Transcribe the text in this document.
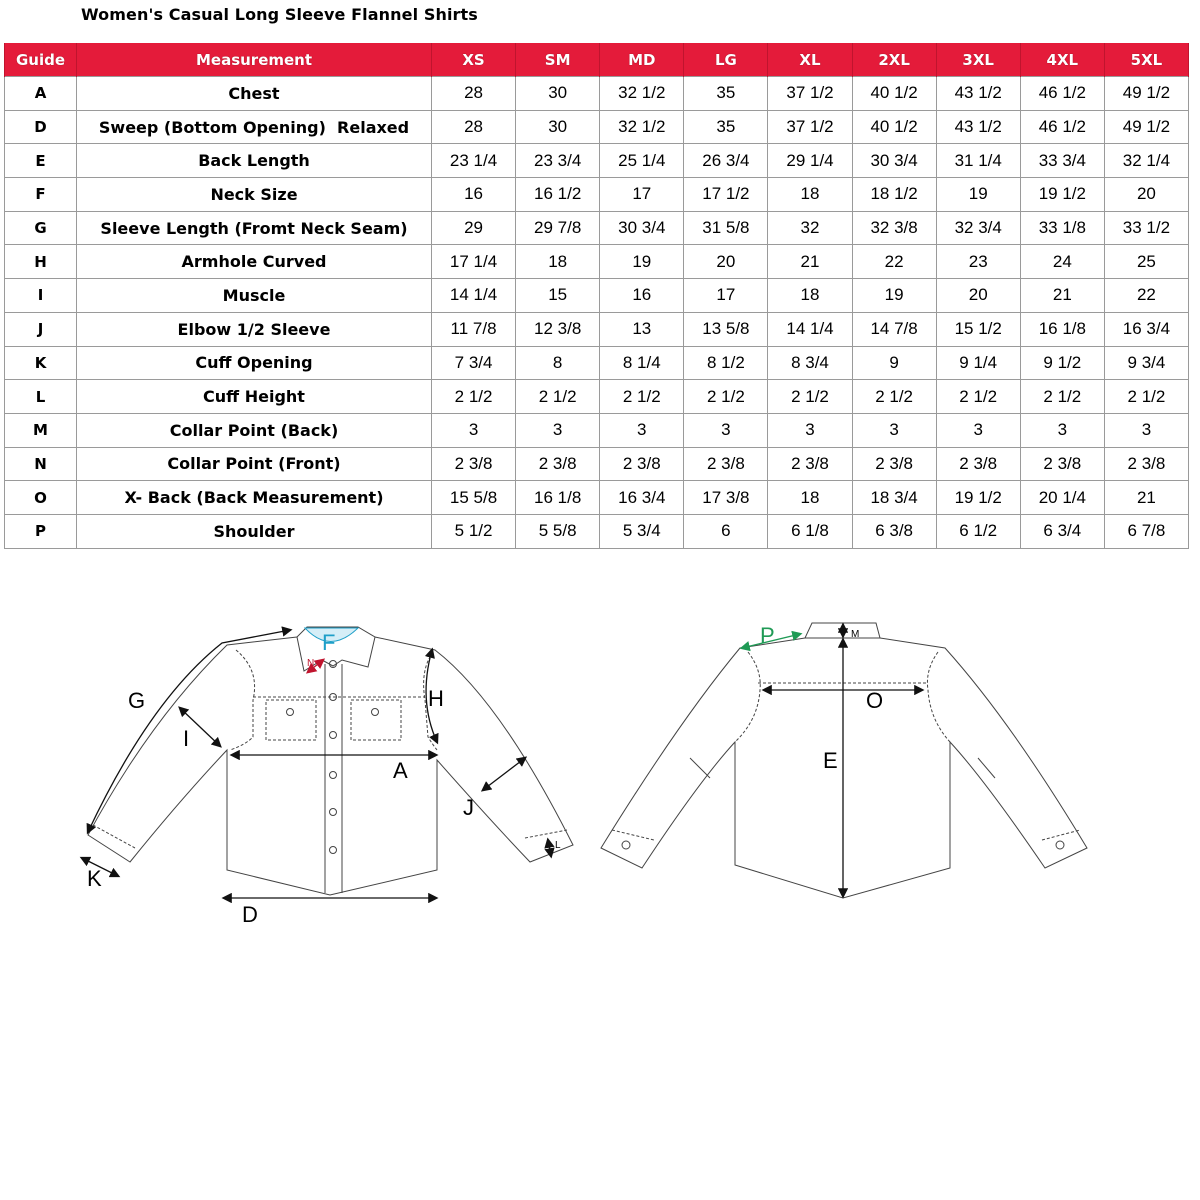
Women's Casual Long Sleeve Flannel Shirts
Guide	Measurement	XS	SM	MD	LG	XL	2XL	3XL	4XL	5XL
A	Chest	28	30	32 1/2	35	37 1/2	40 1/2	43 1/2	46 1/2	49 1/2
D	Sweep (Bottom Opening)  Relaxed	28	30	32 1/2	35	37 1/2	40 1/2	43 1/2	46 1/2	49 1/2
E	Back Length	23 1/4	23 3/4	25 1/4	26 3/4	29 1/4	30 3/4	31 1/4	33 3/4	32 1/4
F	Neck Size	16	16 1/2	17	17 1/2	18	18 1/2	19	19 1/2	20
G	Sleeve Length (Fromt Neck Seam)	29	29 7/8	30 3/4	31 5/8	32	32 3/8	32 3/4	33 1/8	33 1/2
H	Armhole Curved	17 1/4	18	19	20	21	22	23	24	25
I	Muscle	14 1/4	15	16	17	18	19	20	21	22
J	Elbow 1/2 Sleeve	11 7/8	12 3/8	13	13 5/8	14 1/4	14 7/8	15 1/2	16 1/8	16 3/4
K	Cuff Opening	7 3/4	8	8 1/4	8 1/2	8 3/4	9	9 1/4	9 1/2	9 3/4
L	Cuff Height	2 1/2	2 1/2	2 1/2	2 1/2	2 1/2	2 1/2	2 1/2	2 1/2	2 1/2
M	Collar Point (Back)	3	3	3	3	3	3	3	3	3
N	Collar Point (Front)	2 3/8	2 3/8	2 3/8	2 3/8	2 3/8	2 3/8	2 3/8	2 3/8	2 3/8
O	X- Back (Back Measurement)	15 5/8	16 1/8	16 3/4	17 3/8	18	18 3/4	19 1/2	20 1/4	21
P	Shoulder	5 1/2	5 5/8	5 3/4	6	6 1/8	6 3/8	6 1/2	6 3/4	6 7/8
F
N
G
I
H
A
J
K
D
L
P	M
O
E
